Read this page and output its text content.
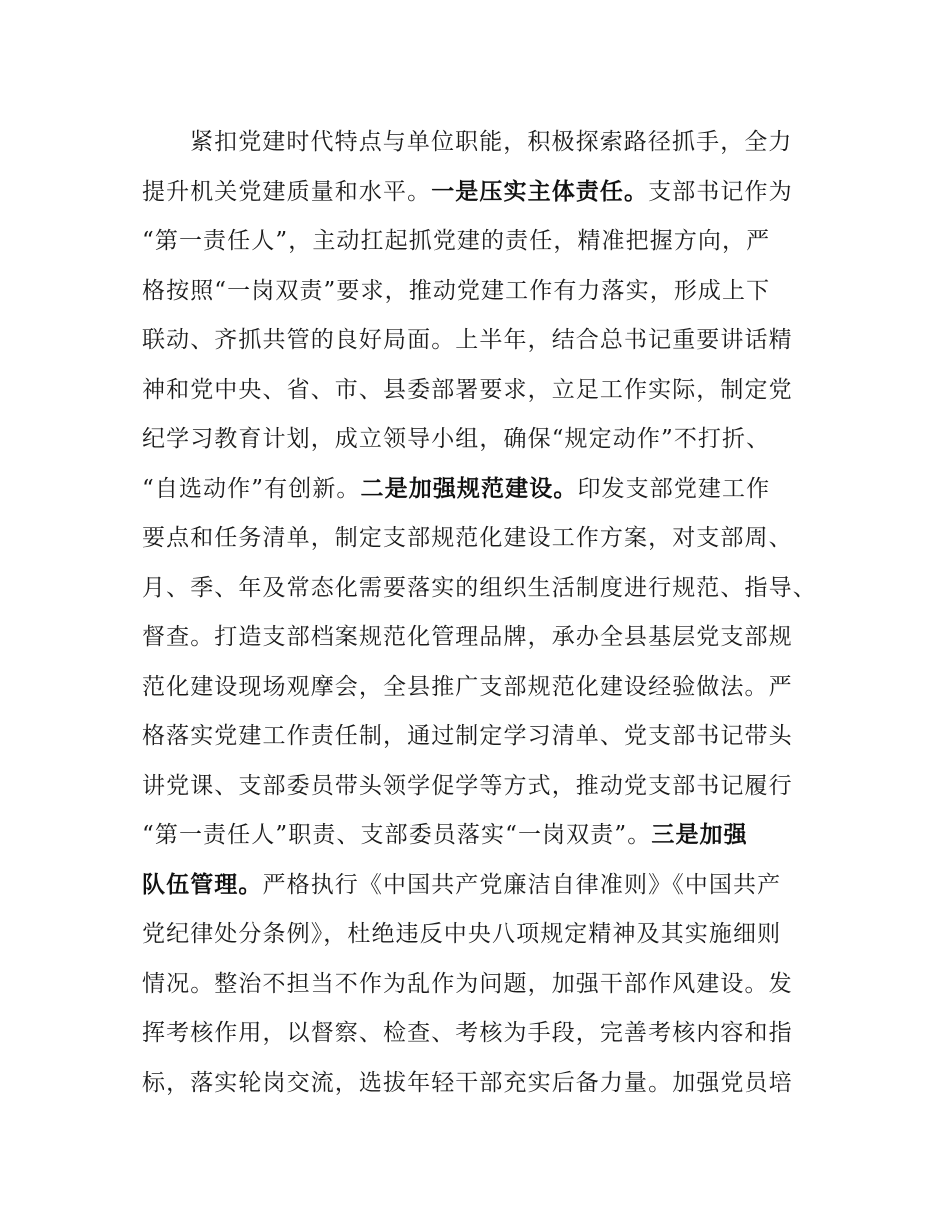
紧扣党建时代特点与单位职能，积极探索路径抓手，全力
提升机关党建质量和水平。一是压实主体责任。支部书记作为
“第一责任人”，主动扛起抓党建的责任，精准把握方向，严
格按照“一岗双责”要求，推动党建工作有力落实，形成上下
联动、齐抓共管的良好局面。上半年，结合总书记重要讲话精
神和党中央、省、市、县委部署要求，立足工作实际，制定党
纪学习教育计划，成立领导小组，确保“规定动作”不打折、
“自选动作”有创新。二是加强规范建设。印发支部党建工作
要点和任务清单，制定支部规范化建设工作方案，对支部周、
月、季、年及常态化需要落实的组织生活制度进行规范、指导、
督查。打造支部档案规范化管理品牌，承办全县基层党支部规
范化建设现场观摩会，全县推广支部规范化建设经验做法。严
格落实党建工作责任制，通过制定学习清单、党支部书记带头
讲党课、支部委员带头领学促学等方式，推动党支部书记履行
“第一责任人”职责、支部委员落实“一岗双责”。三是加强
队伍管理。严格执行《中国共产党廉洁自律准则》《中国共产
党纪律处分条例》，杜绝违反中央八项规定精神及其实施细则
情况。整治不担当不作为乱作为问题，加强干部作风建设。发
挥考核作用，以督察、检查、考核为手段，完善考核内容和指
标，落实轮岗交流，选拔年轻干部充实后备力量。加强党员培
